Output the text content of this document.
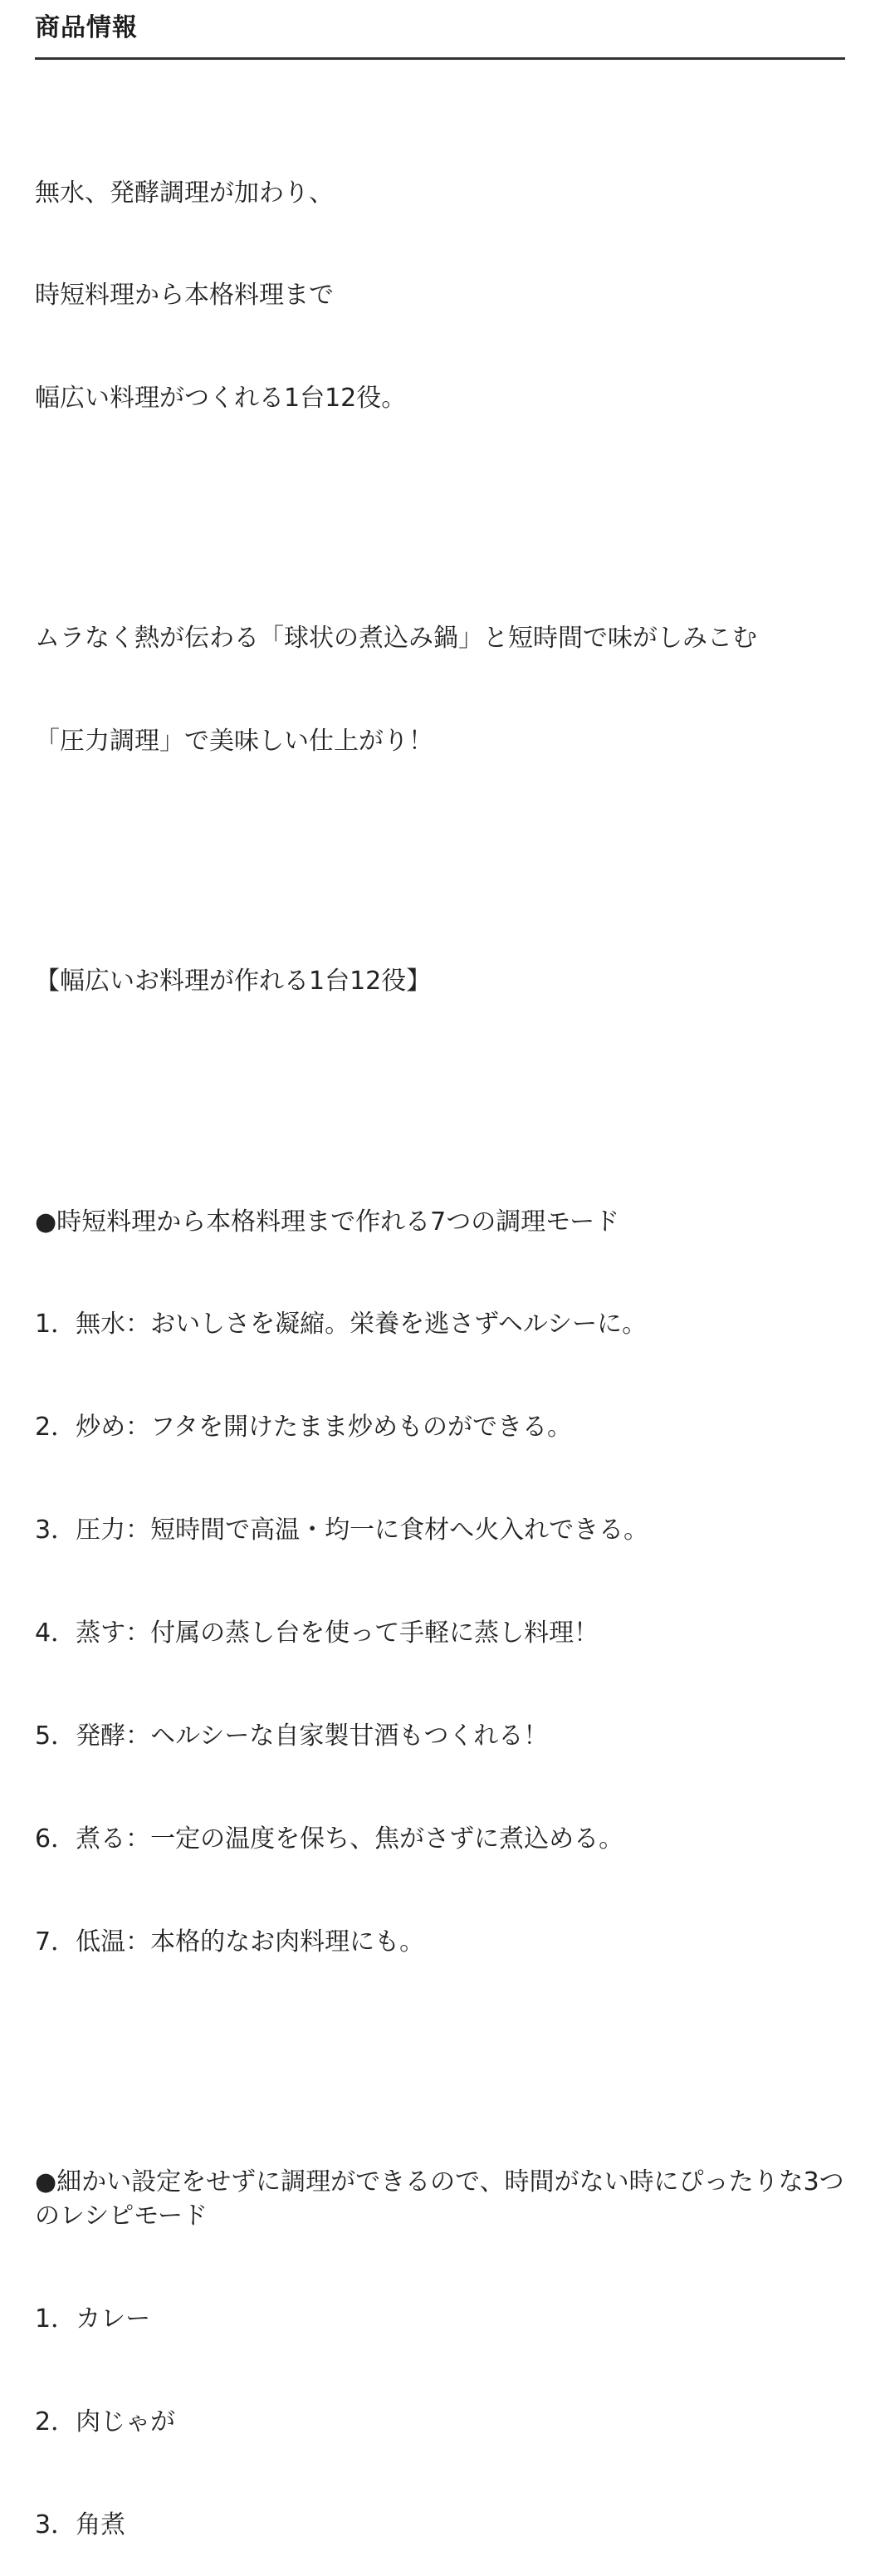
商品情報

無水、発酵調理が加わり、

時短料理から本格料理まで

幅広い料理がつくれる1台12役。

ムラなく熱が伝わる「球状の煮込み鍋」と短時間で味がしみこむ

「圧力調理」で美味しい仕上がり！

【幅広いお料理が作れる1台12役】

●時短料理から本格料理まで作れる7つの調理モード

1．無水：おいしさを凝縮。栄養を逃さずヘルシーに。

2．炒め：フタを開けたまま炒めものができる。

3．圧力：短時間で高温・均一に食材へ火入れできる。

4．蒸す：付属の蒸し台を使って手軽に蒸し料理！

5．発酵：ヘルシーな自家製甘酒もつくれる！

6．煮る：一定の温度を保ち、焦がさずに煮込める。

7．低温：本格的なお肉料理にも。

●細かい設定をせずに調理ができるので、時間がない時にぴったりな3つのレシピモード

1．カレー

2．肉じゃが

3．角煮
